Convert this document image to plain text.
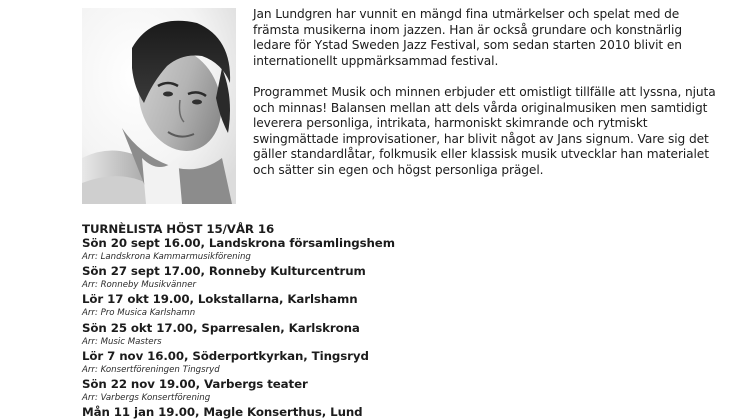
Jan Lundgren har vunnit en mängd fina utmärkelser och spelat med de främsta musikerna inom jazzen. Han är också grundare och konstnärlig ledare för Ystad Sweden Jazz Festival, som sedan starten 2010 blivit en internationellt uppmärksammad festival.

Programmet Musik och minnen erbjuder ett omistligt tillfälle att lyssna, njuta och minnas! Balansen mellan att dels vårda originalmusiken men samtidigt leverera personliga, intrikata, harmoniskt skimrande och rytmiskt swingmättade improvisationer, har blivit något av Jans signum. Vare sig det gäller standardlåtar, folkmusik eller klassisk musik utvecklar han materialet och sätter sin egen och högst personliga prägel.

TURNÈLISTA HÖST 15/VÅR 16
Sön 20 sept 16.00, Landskrona församlingshem
Arr: Landskrona Kammarmusikförening
Sön 27 sept 17.00, Ronneby Kulturcentrum
Arr: Ronneby Musikvänner
Lör 17 okt 19.00, Lokstallarna, Karlshamn
Arr: Pro Musica Karlshamn
Sön 25 okt 17.00, Sparresalen, Karlskrona
Arr: Music Masters
Lör 7 nov 16.00, Söderportkyrkan, Tingsryd
Arr: Konsertföreningen Tingsryd
Sön 22 nov 19.00, Varbergs teater
Arr: Varbergs Konsertförening
Mån 11 jan 19.00, Magle Konserthus, Lund
